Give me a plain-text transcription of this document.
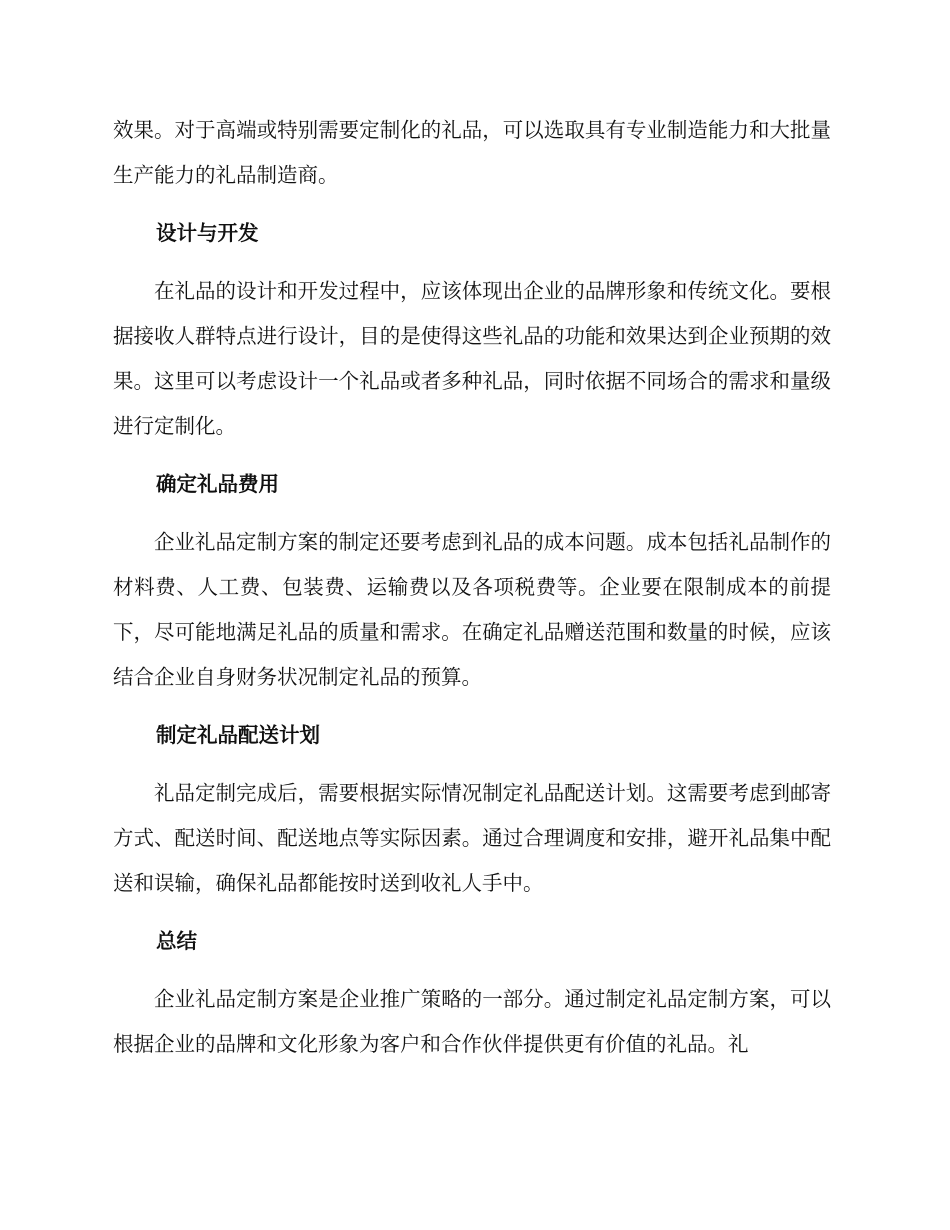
效果。对于高端或特别需要定制化的礼品，可以选取具有专业制造能力和大批量生产能力的礼品制造商。

设计与开发

在礼品的设计和开发过程中，应该体现出企业的品牌形象和传统文化。要根据接收人群特点进行设计，目的是使得这些礼品的功能和效果达到企业预期的效果。这里可以考虑设计一个礼品或者多种礼品，同时依据不同场合的需求和量级进行定制化。

确定礼品费用

企业礼品定制方案的制定还要考虑到礼品的成本问题。成本包括礼品制作的材料费、人工费、包装费、运输费以及各项税费等。企业要在限制成本的前提下，尽可能地满足礼品的质量和需求。在确定礼品赠送范围和数量的时候，应该结合企业自身财务状况制定礼品的预算。

制定礼品配送计划

礼品定制完成后，需要根据实际情况制定礼品配送计划。这需要考虑到邮寄方式、配送时间、配送地点等实际因素。通过合理调度和安排，避开礼品集中配送和误输，确保礼品都能按时送到收礼人手中。

总结

企业礼品定制方案是企业推广策略的一部分。通过制定礼品定制方案，可以根据企业的品牌和文化形象为客户和合作伙伴提供更有价值的礼品。礼
